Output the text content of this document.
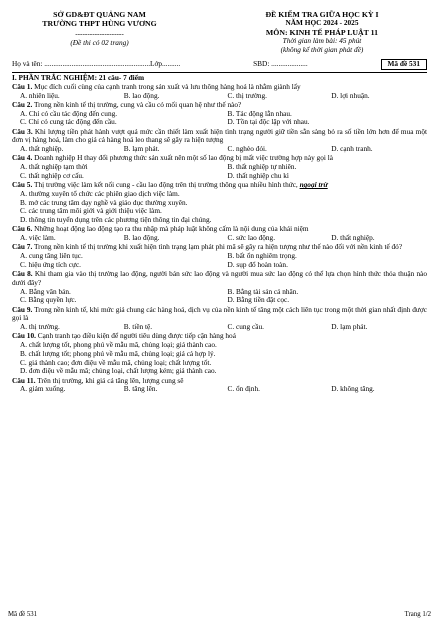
SỞ GD&ĐT QUẢNG NAM
TRƯỜNG THPT HÙNG VƯƠNG
--------------------
(Đề thi có 02 trang)
ĐỀ KIỂM TRA GIỮA HỌC KỲ I
NĂM HỌC 2024 - 2025
MÔN: KINH TẾ PHÁP LUẬT 11
Thời gian làm bài: 45 phút
(không kể thời gian phát đề)
Họ và tên: ..........................................................Lớp..........	SBD: ....................	Mã đề 531
I. PHẦN TRẮC NGHIỆM: 21 câu- 7 điểm
Câu 1. Mục đích cuối cùng của cạnh tranh trong sản xuất và lưu thông hàng hoá là nhằm giành lấy
A. nhiên liệu.	B. lao động.	C. thị trường.	D. lợi nhuận.
Câu 2. Trong nền kinh tế thị trường, cung và cầu có mối quan hệ như thế nào?
A. Chỉ có cầu tác động đến cung.	B. Tác động lẫn nhau.
C. Chỉ có cung tác động đến cầu.	D. Tồn tại độc lập với nhau.
Câu 3. Khi lượng tiền phát hành vượt quá mức cần thiết làm xuất hiện tình trạng người giữ tiền sẵn sàng bỏ ra số tiền lớn hơn để mua một đơn vị hàng hoá, làm cho giá cả hàng hoá leo thang sẽ gây ra hiện tượng
A. thất nghiệp.	B. lạm phát.	C. nghèo đói.	D. cạnh tranh.
Câu 4. Doanh nghiệp H thay đổi phương thức sản xuất nên một số lao động bị mất việc trường hợp này gọi là
A. thất nghiệp tạm thời	B. thất nghiệp tự nhiên.
C. thất nghiệp cơ cấu.	D. thất nghiệp chu kì
Câu 5. Thị trường việc làm kết nối cung - cầu lao động trên thị trường thông qua nhiều hình thức, ngoại trừ
A. thường xuyên tổ chức các phiên giao dịch việc làm.
B. mở các trung tâm dạy nghề và giáo dục thường xuyên.
C. các trung tâm môi giới và giới thiệu việc làm.
D. thông tin tuyển dụng trên các phương tiện thông tin đại chúng.
Câu 6. Những hoạt động lao động tạo ra thu nhập mà pháp luật không cấm là nội dung của khái niệm
A. việc làm.	B. lao động.	C. sức lao động.	D. thất nghiệp.
Câu 7. Trong nền kinh tế thị trường khi xuất hiện tình trạng lạm phát phi mã sẽ gây ra hiện tượng như thế nào đối với nền kinh tế đó?
A. cung tăng liên tục.	B. bất ổn nghiêm trọng.
C. hiệu ứng tích cực.	D. sụp đổ hoàn toàn.
Câu 8. Khi tham gia vào thị trường lao động, người bán sức lao động và người mua sức lao động có thể lựa chọn hình thức thỏa thuận nào dưới đây?
A. Bằng văn bản.	B. Bằng tài sản cá nhân.
C. Bằng quyền lực.	D. Bằng tiền đặt cọc.
Câu 9. Trong nền kinh tế, khi mức giá chung các hàng hoá, dịch vụ của nền kinh tế tăng một cách liên tục trong một thời gian nhất định được gọi là
A. thị trường.	B. tiền tệ.	C. cung cầu.	D. lạm phát.
Câu 10. Cạnh tranh tạo điều kiện để người tiêu dùng được tiếp cận hàng hoá
A. chất lượng tốt, phong phú về mẫu mã, chủng loại; giá thành cao.
B. chất lượng tốt; phong phú về mẫu mã, chủng loại; giá cả hợp lý.
C. giá thành cao; đơn điệu về mẫu mã, chủng loại; chất lượng tốt.
D. đơn điệu về mẫu mã; chủng loại, chất lượng kém; giá thành cao.
Câu 11. Trên thị trường, khi giá cả tăng lên, lượng cung sẽ
A. giảm xuống.	B. tăng lên.	C. ổn định.	D. không tăng.
Mã đề 531	Trang 1/2
